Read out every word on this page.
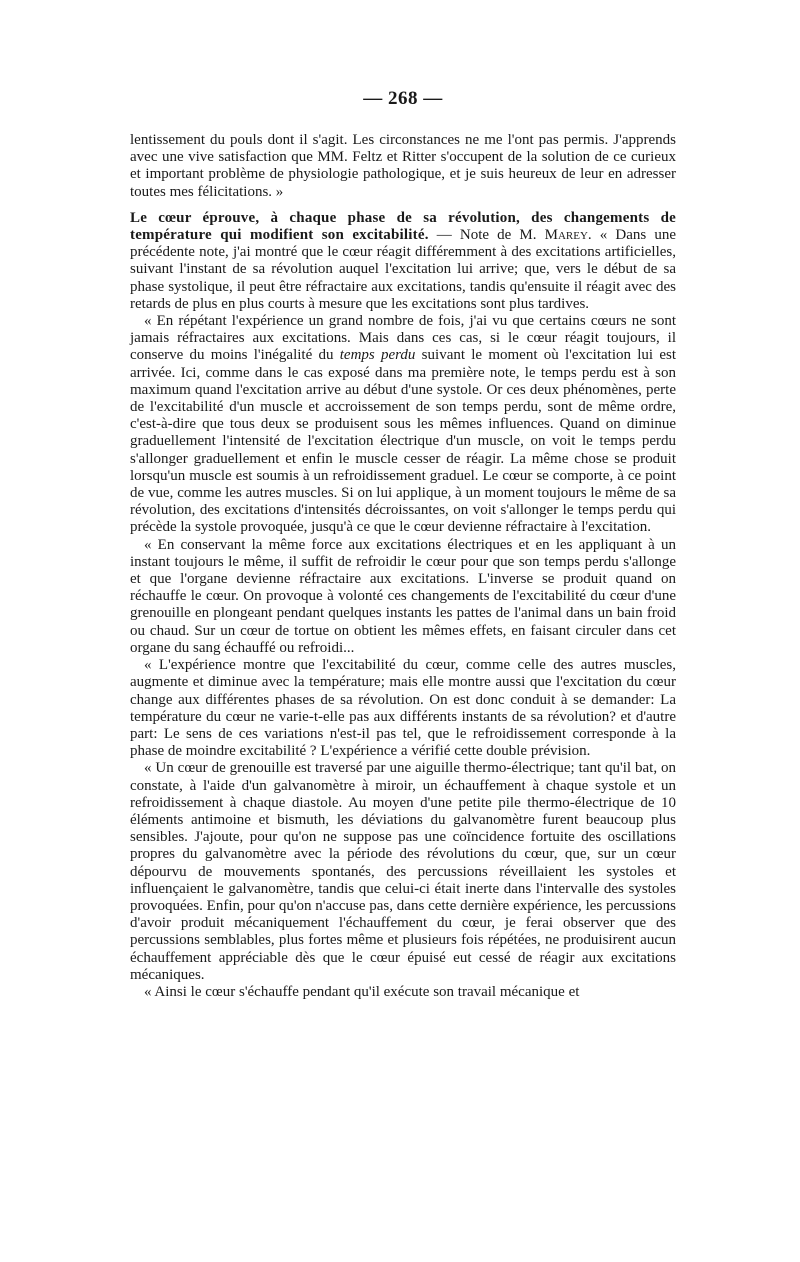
— 268 —

lentissement du pouls dont il s'agit. Les circonstances ne me l'ont pas permis. J'apprends avec une vive satisfaction que MM. Feltz et Ritter s'occupent de la solution de ce curieux et important problème de physiologie pathologique, et je suis heureux de leur en adresser toutes mes félicitations. »

Le cœur éprouve, à chaque phase de sa révolution, des changements de température qui modifient son excitabilité. — Note de M. Marey. « Dans une précédente note, j'ai montré que le cœur réagit différemment à des excitations artificielles, suivant l'instant de sa révolution auquel l'excitation lui arrive; que, vers le début de sa phase systolique, il peut être réfractaire aux excitations, tandis qu'ensuite il réagit avec des retards de plus en plus courts à mesure que les excitations sont plus tardives.

« En répétant l'expérience un grand nombre de fois, j'ai vu que certains cœurs ne sont jamais réfractaires aux excitations. Mais dans ces cas, si le cœur réagit toujours, il conserve du moins l'inégalité du temps perdu suivant le moment où l'excitation lui est arrivée. Ici, comme dans le cas exposé dans ma première note, le temps perdu est à son maximum quand l'excitation arrive au début d'une systole. Or ces deux phénomènes, perte de l'excitabilité d'un muscle et accroissement de son temps perdu, sont de même ordre, c'est-à-dire que tous deux se produisent sous les mêmes influences. Quand on diminue graduellement l'intensité de l'excitation électrique d'un muscle, on voit le temps perdu s'allonger graduellement et enfin le muscle cesser de réagir. La même chose se produit lorsqu'un muscle est soumis à un refroidissement graduel. Le cœur se comporte, à ce point de vue, comme les autres muscles. Si on lui applique, à un moment toujours le même de sa révolution, des excitations d'intensités décroissantes, on voit s'allonger le temps perdu qui précède la systole provoquée, jusqu'à ce que le cœur devienne réfractaire à l'excitation.

« En conservant la même force aux excitations électriques et en les appliquant à un instant toujours le même, il suffit de refroidir le cœur pour que son temps perdu s'allonge et que l'organe devienne réfractaire aux excitations. L'inverse se produit quand on réchauffe le cœur. On provoque à volonté ces changements de l'excitabilité du cœur d'une grenouille en plongeant pendant quelques instants les pattes de l'animal dans un bain froid ou chaud. Sur un cœur de tortue on obtient les mêmes effets, en faisant circuler dans cet organe du sang échauffé ou refroidi...

« L'expérience montre que l'excitabilité du cœur, comme celle des autres muscles, augmente et diminue avec la température; mais elle montre aussi que l'excitation du cœur change aux différentes phases de sa révolution. On est donc conduit à se demander: La température du cœur ne varie-t-elle pas aux différents instants de sa révolution? et d'autre part: Le sens de ces variations n'est-il pas tel, que le refroidissement corresponde à la phase de moindre excitabilité ? L'expérience a vérifié cette double prévision.

« Un cœur de grenouille est traversé par une aiguille thermo-électrique; tant qu'il bat, on constate, à l'aide d'un galvanomètre à miroir, un échauffement à chaque systole et un refroidissement à chaque diastole. Au moyen d'une petite pile thermo-électrique de 10 éléments antimoine et bismuth, les déviations du galvanomètre furent beaucoup plus sensibles. J'ajoute, pour qu'on ne suppose pas une coïncidence fortuite des oscillations propres du galvanomètre avec la période des révolutions du cœur, que, sur un cœur dépourvu de mouvements spontanés, des percussions réveillaient les systoles et influençaient le galvanomètre, tandis que celui-ci était inerte dans l'intervalle des systoles provoquées. Enfin, pour qu'on n'accuse pas, dans cette dernière expérience, les percussions d'avoir produit mécaniquement l'échauffement du cœur, je ferai observer que des percussions semblables, plus fortes même et plusieurs fois répétées, ne produisirent aucun échauffement appréciable dès que le cœur épuisé eut cessé de réagir aux excitations mécaniques.

« Ainsi le cœur s'échauffe pendant qu'il exécute son travail mécanique et
